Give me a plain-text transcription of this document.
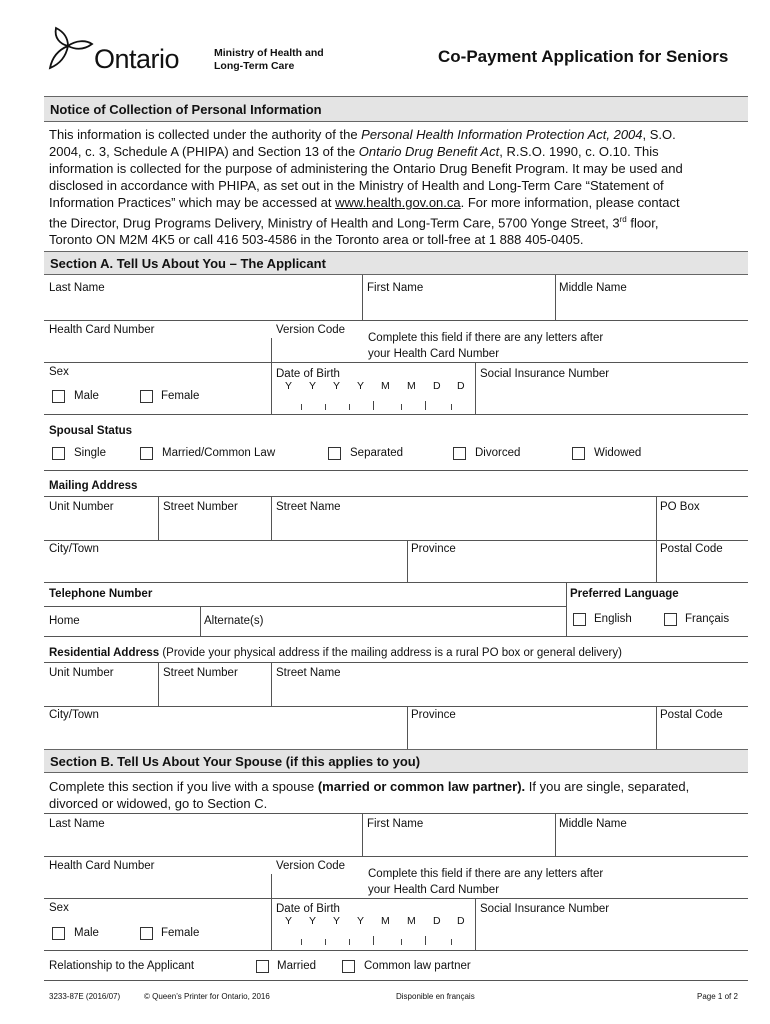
Ontario	Ministry of Health and
Long-Term Care	Co-Payment Application for Seniors
Notice of Collection of Personal Information
This information is collected under the authority of the Personal Health Information Protection Act, 2004, S.O.
2004, c. 3, Schedule A (PHIPA) and Section 13 of the Ontario Drug Benefit Act, R.S.O. 1990, c. O.10. This
information is collected for the purpose of administering the Ontario Drug Benefit Program. It may be used and
disclosed in accordance with PHIPA, as set out in the Ministry of Health and Long-Term Care “Statement of
Information Practices” which may be accessed at www.health.gov.on.ca. For more information, please contact
the Director, Drug Programs Delivery, Ministry of Health and Long-Term Care, 5700 Yonge Street, 3rd floor,
Toronto ON M2M 4K5 or call 416 503-4586 in the Toronto area or toll-free at 1 888 405-0405.
Section A. Tell Us About You – The Applicant
Last Name	First Name	Middle Name
Health Card Number	Version Code
Complete this field if there are any letters after
your Health Card Number
Sex
Male	Female
Date of Birth
Y Y Y Y M M D D
Social Insurance Number
Spousal Status
Single	Married/Common Law	Separated	Divorced	Widowed
Mailing Address
Unit Number	Street Number	Street Name	PO Box
City/Town	Province	Postal Code
Telephone Number	Preferred Language
Home	Alternate(s)	English	Français
Residential Address (Provide your physical address if the mailing address is a rural PO box or general delivery)
Unit Number	Street Number	Street Name
City/Town	Province	Postal Code
Section B. Tell Us About Your Spouse (if this applies to you)
Complete this section if you live with a spouse (married or common law partner). If you are single, separated,
divorced or widowed, go to Section C.
Last Name	First Name	Middle Name
Health Card Number	Version Code
Complete this field if there are any letters after
your Health Card Number
Sex
Male	Female
Date of Birth
Y Y Y Y M M D D
Social Insurance Number
Relationship to the Applicant	Married	Common law partner
3233-87E (2016/07)	© Queen’s Printer for Ontario, 2016	Disponible en français	Page 1 of 2
